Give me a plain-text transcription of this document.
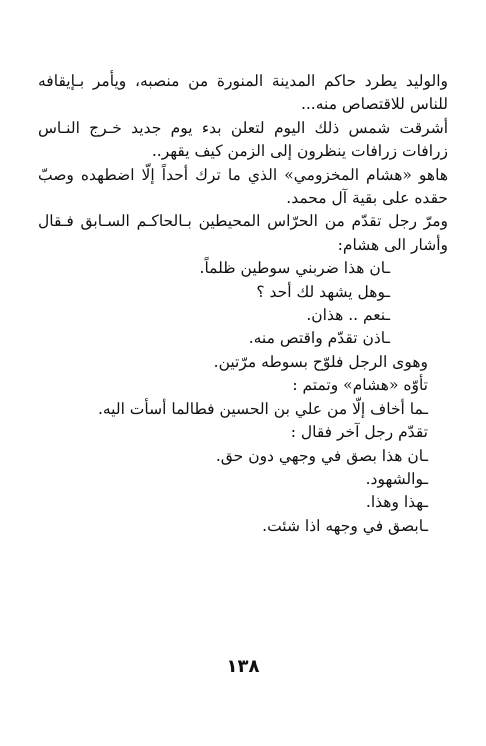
والوليد يطرد حاكم المدينة المنورة من منصبه، ويأمر بـإيقافه
للناس للاقتصاص منه...
أشرقت شمس ذلك اليوم لتعلن بدء يوم جديد خـرج النـاس
زرافات زرافات ينظرون إلى الزمن كيف يقهر..
هاهو «هشام المخزومي» الذي ما ترك أحداً إلّا اضطهده وصبّ
حقده على بقية آل محمد.
ومرّ رجل تقدّم من الحرّاس المحيطين بـالحاكـم السـابق فـقال
وأشار الى هشام:
ـان هذا ضربني سوطين ظلماً.
ـوهل يشهد لك أحد ؟
ـنعم .. هذان.
ـاذن تقدّم واقتص منه.
وهوى الرجل فلوّح بسوطه مرّتين.
تأوّه «هشام» وتمتم :
ـما أخاف إلّا من علي بن الحسين فطالما أسأت اليه.
تقدّم رجل آخر فقال :
ـان هذا بصق في وجهي دون حق.
ـوالشهود.
ـهذا وهذا.
ـابصق في وجهه اذا شئت.
١٣٨
